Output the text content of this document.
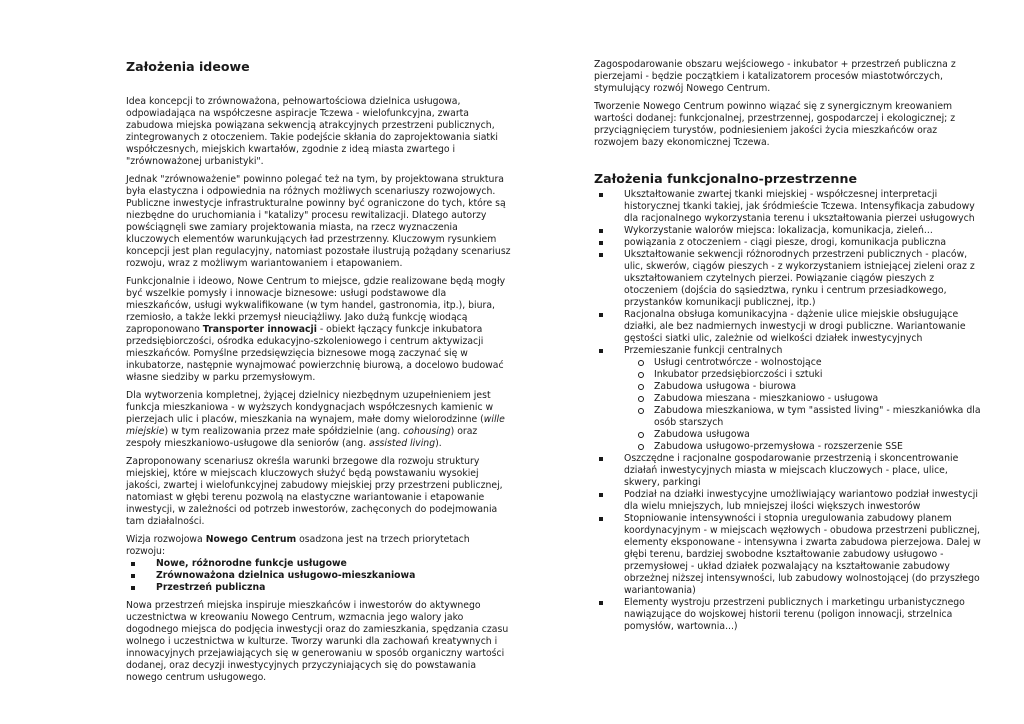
Założenia ideowe

Idea koncepcji to zrównoważona, pełnowartościowa dzielnica usługowa, odpowiadająca na współczesne aspiracje Tczewa - wielofunkcyjna, zwarta zabudowa miejska powiązana sekwencją atrakcyjnych przestrzeni publicznych, zintegrowanych z otoczeniem. Takie podejście skłania do zaprojektowania siatki współczesnych, miejskich kwartałów, zgodnie z ideą miasta zwartego i "zrównoważonej urbanistyki".

Jednak "zrównoważenie" powinno polegać też na tym, by projektowana struktura była elastyczna i odpowiednia na różnych możliwych scenariuszy rozwojowych. Publiczne inwestycje infrastrukturalne powinny być ograniczone do tych, które są niezbędne do uruchomiania i "katalizy" procesu rewitalizacji. Dlatego autorzy powściągnęli swe zamiary projektowania miasta, na rzecz wyznaczenia kluczowych elementów warunkujących ład przestrzenny. Kluczowym rysunkiem koncepcji jest plan regulacyjny, natomiast pozostałe ilustrują pożądany scenariusz rozwoju, wraz z możliwym wariantowaniem i etapowaniem.

Funkcjonalnie i ideowo, Nowe Centrum to miejsce, gdzie realizowane będą mogły być wszelkie pomysły i innowacje biznesowe: usługi podstawowe dla mieszkańców, usługi wykwalifikowane (w tym handel, gastronomia, itp.), biura, rzemiosło, a także lekki przemysł nieuciążliwy. Jako dużą funkcję wiodącą zaproponowano Transporter innowacji - obiekt łączący funkcje inkubatora przedsiębiorczości, ośrodka edukacyjno-szkoleniowego i centrum aktywizacji mieszkańców. Pomyślne przedsięwzięcia biznesowe mogą zaczynać się w inkubatorze, następnie wynajmować powierzchnię biurową, a docelowo budować własne siedziby w parku przemysłowym.

Dla wytworzenia kompletnej, żyjącej dzielnicy niezbędnym uzupełnieniem jest funkcja mieszkaniowa - w wyższych kondygnacjach współczesnych kamienic w pierzejach ulic i placów, mieszkania na wynajem, małe domy wielorodzinne (wille miejskie) w tym realizowania przez małe spółdzielnie (ang. cohousing) oraz zespoły mieszkaniowo-usługowe dla seniorów (ang. assisted living).

Zaproponowany scenariusz określa warunki brzegowe dla rozwoju struktury miejskiej, które w miejscach kluczowych służyć będą powstawaniu wysokiej jakości, zwartej i wielofunkcyjnej zabudowy miejskiej przy przestrzeni publicznej, natomiast w głębi terenu pozwolą na elastyczne wariantowanie i etapowanie inwestycji, w zależności od potrzeb inwestorów, zachęconych do podejmowania tam działalności.

Wizja rozwojowa Nowego Centrum osadzona jest na trzech priorytetach rozwoju:

Nowe, różnorodne funkcje usługowe
Zrównoważona dzielnica usługowo-mieszkaniowa
Przestrzeń publiczna

Nowa przestrzeń miejska inspiruje mieszkańców i inwestorów do aktywnego uczestnictwa w kreowaniu Nowego Centrum, wzmacnia jego walory jako dogodnego miejsca do podjęcia inwestycji oraz do zamieszkania, spędzania czasu wolnego i uczestnictwa w kulturze. Tworzy warunki dla zachowań kreatywnych i innowacyjnych przejawiających się w generowaniu w sposób organiczny wartości dodanej, oraz decyzji inwestycyjnych przyczyniających się do powstawania nowego centrum usługowego.

Zagospodarowanie obszaru wejściowego - inkubator + przestrzeń publiczna z pierzejami - będzie początkiem i katalizatorem procesów miastotwórczych, stymulujący rozwój Nowego Centrum.

Tworzenie Nowego Centrum powinno wiązać się z synergicznym kreowaniem wartości dodanej: funkcjonalnej, przestrzennej, gospodarczej i ekologicznej; z przyciągnięciem turystów, podniesieniem jakości życia mieszkańców oraz rozwojem bazy ekonomicznej Tczewa.

Założenia funkcjonalno-przestrzenne
Ukształtowanie zwartej tkanki miejskiej - współczesnej interpretacji historycznej tkanki takiej, jak śródmieście Tczewa. Intensyfikacja zabudowy dla racjonalnego wykorzystania terenu i ukształtowania pierzei usługowych
Wykorzystanie walorów miejsca: lokalizacja, komunikacja, zieleń...
powiązania z otoczeniem - ciągi piesze, drogi, komunikacja publiczna
Ukształtowanie sekwencji różnorodnych przestrzeni publicznych - placów, ulic, skwerów, ciągów pieszych - z wykorzystaniem istniejącej zieleni oraz z ukształtowaniem czytelnych pierzei. Powiązanie ciągów pieszych z otoczeniem (dojścia do sąsiedztwa, rynku i centrum przesiadkowego, przystanków komunikacji publicznej, itp.)
Racjonalna obsługa komunikacyjna - dążenie ulice miejskie obsługujące działki, ale bez nadmiernych inwestycji w drogi publiczne. Wariantowanie gęstości siatki ulic, zależnie od wielkości działek inwestycyjnych
Przemieszanie funkcji centralnych
Usługi centrotwórcze - wolnostojące
Inkubator przedsiębiorczości i sztuki
Zabudowa usługowa - biurowa
Zabudowa mieszana - mieszkaniowo - usługowa
Zabudowa mieszkaniowa, w tym "assisted living" - mieszkaniówka dla osób starszych
Zabudowa usługowa
Zabudowa usługowo-przemysłowa - rozszerzenie SSE
Oszczędne i racjonalne gospodarowanie przestrzenią i skoncentrowanie działań inwestycyjnych miasta w miejscach kluczowych - place, ulice, skwery, parkingi
Podział na działki inwestycyjne umożliwiający wariantowo podział inwestycji dla wielu mniejszych, lub mniejszej ilości większych inwestorów
Stopniowanie intensywności i stopnia uregulowania zabudowy planem koordynacyjnym - w miejscach węzłowych - obudowa przestrzeni publicznej, elementy eksponowane - intensywna i zwarta zabudowa pierzejowa. Dalej w głębi terenu, bardziej swobodne kształtowanie zabudowy usługowo - przemysłowej - układ działek pozwalający na kształtowanie zabudowy obrzeżnej niższej intensywności, lub zabudowy wolnostojącej (do przyszłego wariantowania)
Elementy wystroju przestrzeni publicznych i marketingu urbanistycznego nawiązujące do wojskowej historii terenu (poligon innowacji, strzelnica pomysłów, wartownia...)
